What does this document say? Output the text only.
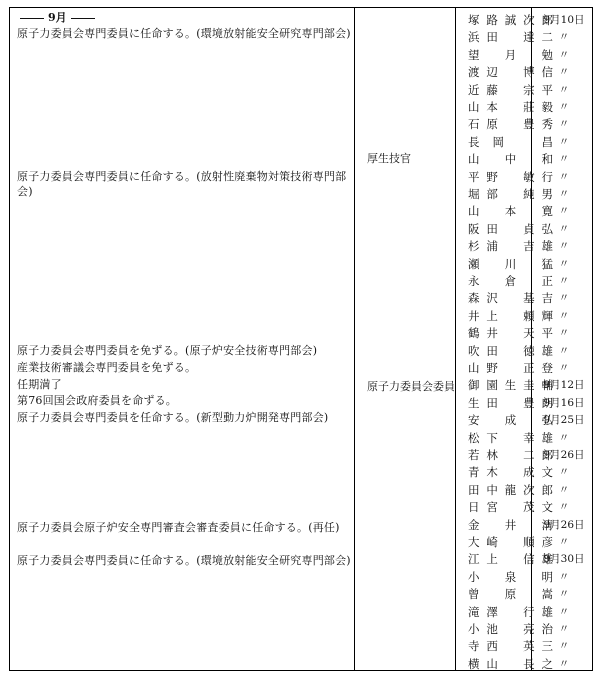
9月
原子力委員会専門委員に任命する。(環境放射能安全研究専門部会)
原子力委員会専門委員に任命する。(放射性廃棄物対策技術専門部会)
原子力委員会専門委員を免ずる。(原子炉安全技術専門部会)
産業技術審議会専門委員を免ずる。
任期満了
第76回国会政府委員を命ずる。
原子力委員会専門委員を任命する。(新型動力炉開発専門部会)
原子力委員会原子炉安全専門審査会審査委員に任命する。(再任)
原子力委員会専門委員に任命する。(環境放射能安全研究専門部会)
厚生技官
原子力委員会委員
塚路誠次郎
9月10日
浜田　達二 〃
望　月　勉 〃
渡辺　博信 〃
近藤　宗平 〃
山本　莊毅 〃
石原　豊秀 〃
長岡　昌 〃
山　中　和 〃
平野　敏行 〃
堀部　純男 〃
山　本　寛 〃
阪田　貞弘 〃
杉浦　吉雄 〃
瀬　川　猛 〃
永　倉　正 〃
森沢　基吉 〃
井上　頼輝 〃
鶴井　天平 〃
吹田　徳雄 〃
山野　正登 〃
御園生圭輔
9月12日
生田　豊朗
9月16日
安　成　弘
9月25日
松下　幸雄 〃
若林　二郎
9月26日
青木　成文 〃
田中龍次郎 〃
日宮　茂文 〃
金　井　清
9月26日
大崎　順彦 〃
江上　信雄
9月30日
小　泉　明 〃
曾　原　嵩 〃
滝澤　行雄 〃
小池　亮治 〃
寺西　英三 〃
横山　長之 〃
